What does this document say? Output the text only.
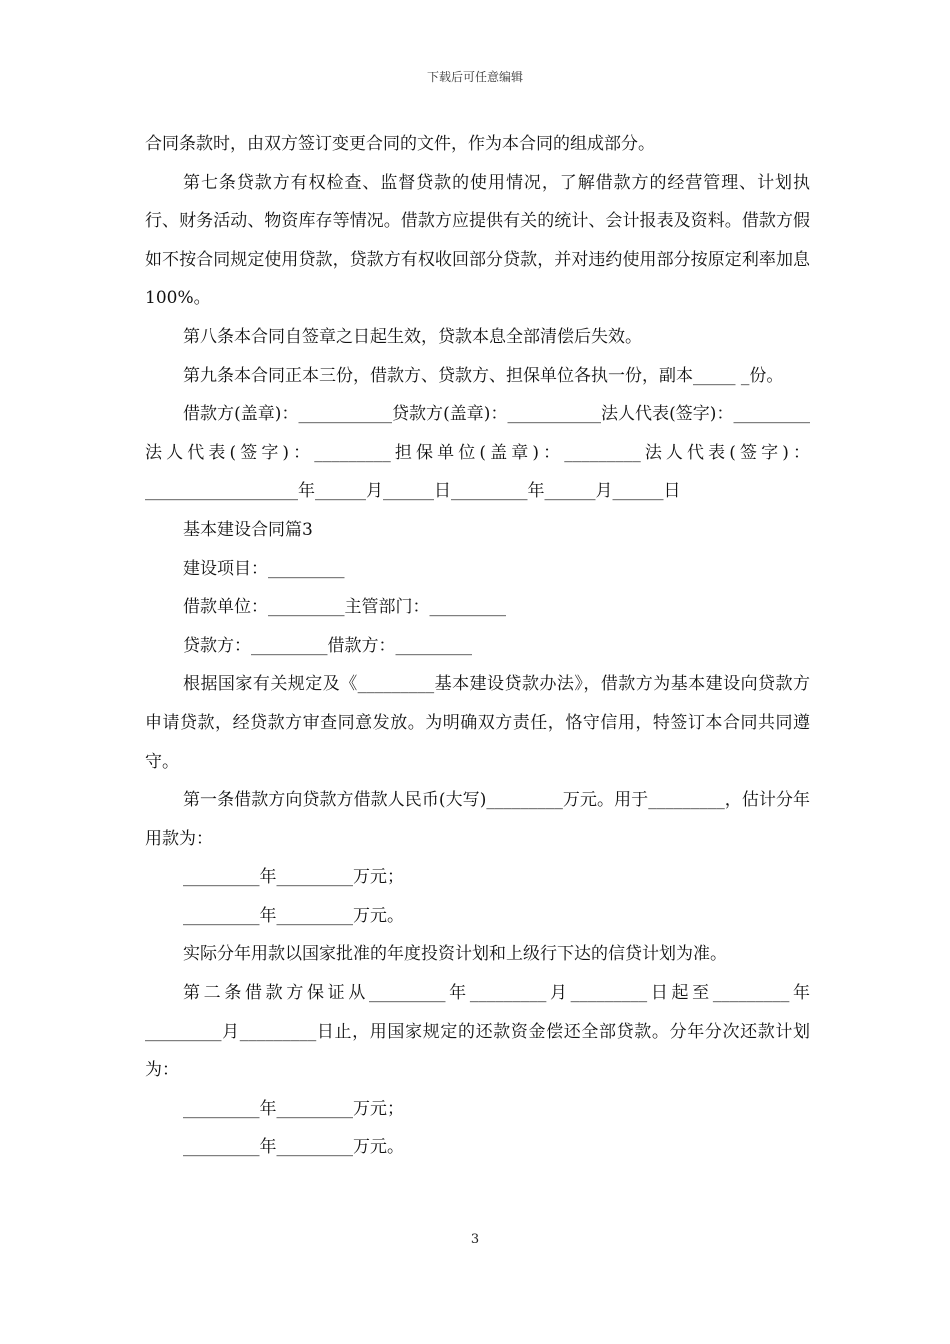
下载后可任意编辑

合同条款时，由双方签订变更合同的文件，作为本合同的组成部分。

第七条贷款方有权检查、监督贷款的使用情况，了解借款方的经营管理、计划执行、财务活动、物资库存等情况。借款方应提供有关的统计、会计报表及资料。借款方假如不按合同规定使用贷款，贷款方有权收回部分贷款，并对违约使用部分按原定利率加息100%。

第八条本合同自签章之日起生效，贷款本息全部清偿后失效。

第九条本合同正本三份，借款方、贷款方、担保单位各执一份，副本_____ _份。

借款方(盖章)：___________贷款方(盖章)：___________法人代表(签字)：_________法人代表(签字)：_________担保单位(盖章)：_________法人代表(签字)：__________________年______月______日_________年______月______日

基本建设合同篇3

建设项目：_________

借款单位：_________主管部门：_________

贷款方：_________借款方：_________

根据国家有关规定及《_________基本建设贷款办法》，借款方为基本建设向贷款方申请贷款，经贷款方审查同意发放。为明确双方责任，恪守信用，特签订本合同共同遵守。

第一条借款方向贷款方借款人民币(大写)_________万元。用于_________，估计分年用款为：

_________年_________万元；

_________年_________万元。

实际分年用款以国家批准的年度投资计划和上级行下达的信贷计划为准。

第二条借款方保证从_________年_________月_________日起至_________年_________月_________日止，用国家规定的还款资金偿还全部贷款。分年分次还款计划为：

_________年_________万元；

_________年_________万元。

3
